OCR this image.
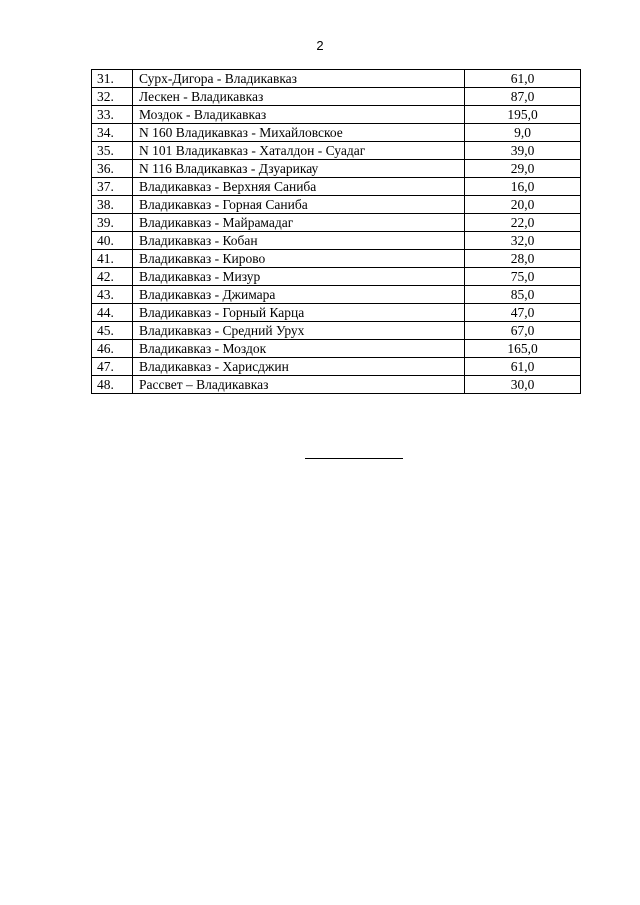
2
31.	Сурх-Дигора - Владикавказ	61,0
32.	Лескен - Владикавказ	87,0
33.	Моздок - Владикавказ	195,0
34.	N 160 Владикавказ - Михайловское	9,0
35.	N 101 Владикавказ - Хаталдон - Суадаг	39,0
36.	N 116 Владикавказ - Дзуарикау	29,0
37.	Владикавказ - Верхняя Саниба	16,0
38.	Владикавказ - Горная Саниба	20,0
39.	Владикавказ - Майрамадаг	22,0
40.	Владикавказ - Кобан	32,0
41.	Владикавказ - Кирово	28,0
42.	Владикавказ - Мизур	75,0
43.	Владикавказ - Джимара	85,0
44.	Владикавказ - Горный Карца	47,0
45.	Владикавказ - Средний Урух	67,0
46.	Владикавказ - Моздок	165,0
47.	Владикавказ - Харисджин	61,0
48.	Рассвет – Владикавказ	30,0
